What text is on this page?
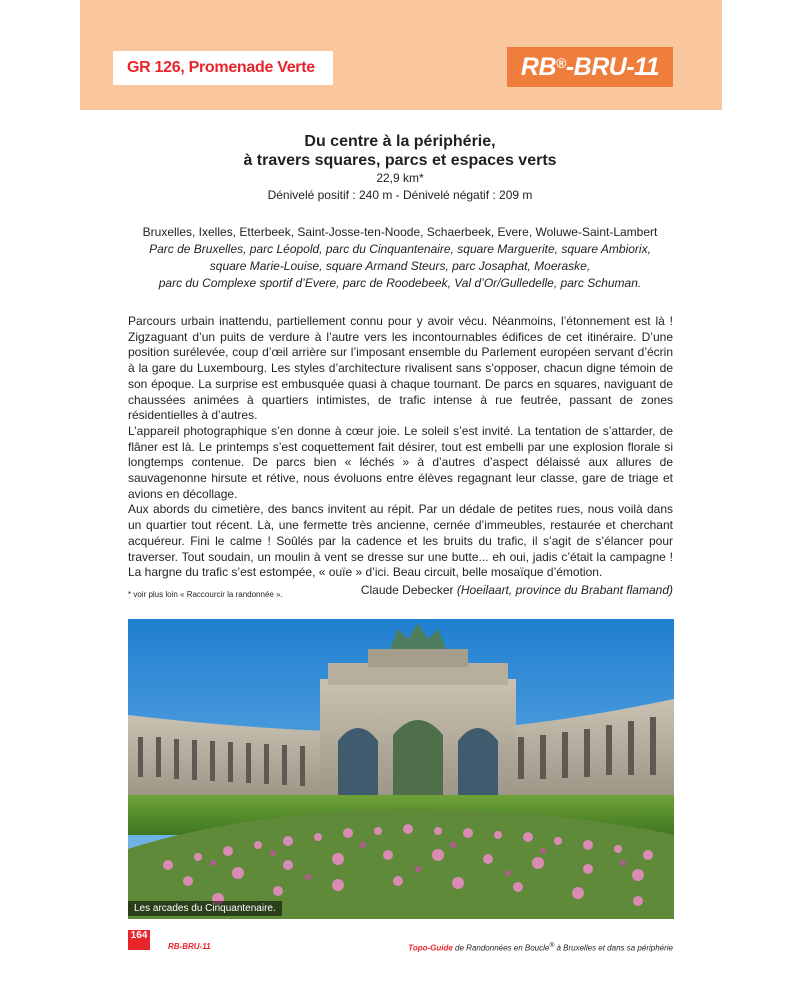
GR 126, Promenade Verte	RB®-BRU-11
Du centre à la périphérie,
à travers squares, parcs et espaces verts
22,9 km*
Dénivelé positif : 240 m - Dénivelé négatif : 209 m
Bruxelles, Ixelles, Etterbeek, Saint-Josse-ten-Noode, Schaerbeek, Evere, Woluwe-Saint-Lambert
Parc de Bruxelles, parc Léopold, parc du Cinquantenaire, square Marguerite, square Ambiorix,
square Marie-Louise, square Armand Steurs, parc Josaphat, Moeraske,
parc du Complexe sportif d’Evere, parc de Roodebeek, Val d’Or/Gulledelle, parc Schuman.

Parcours urbain inattendu, partiellement connu pour y avoir vécu. Néanmoins, l’étonnement est là ! Zigzaguant d’un puits de verdure à l’autre vers les incontournables édifices de cet itinéraire. D’une position surélevée, coup d’œil arrière sur l’imposant ensemble du Parlement européen servant d’écrin à la gare du Luxembourg. Les styles d’architecture rivalisent sans s’opposer, chacun digne témoin de son époque. La surprise est embusquée quasi à chaque tournant. De parcs en squares, naviguant de chaussées animées à quartiers intimistes, de trafic intense à rue feutrée, passant de zones résidentielles à d’autres.

L’appareil photographique s’en donne à cœur joie. Le soleil s’est invité. La tentation de s’attarder, de flâner est là. Le printemps s’est coquettement fait désirer, tout est embelli par une explosion florale si longtemps contenue. De parcs bien « léchés » à d’autres d’aspect délaissé aux allures de sauvagenonne hirsute et rétive, nous évoluons entre élèves regagnant leur classe, gare de triage et avions en décollage.

Aux abords du cimetière, des bancs invitent au répit. Par un dédale de petites rues, nous voilà dans un quartier tout récent. Là, une fermette très ancienne, cernée d’immeubles, restaurée et cherchant acquéreur. Fini le calme ! Soûlés par la cadence et les bruits du trafic, il s’agit de s’élancer pour traverser. Tout soudain, un moulin à vent se dresse sur une butte... eh oui, jadis c’était la campagne ! La hargne du trafic s’est estompée, « ouïe » d’ici. Beau circuit, belle mosaïque d’émotion.

Claude Debecker (Hoeilaart, province du Brabant flamand)
* voir plus loin « Raccourcir la randonnée ».
Les arcades du Cinquantenaire.
164
RB-BRU-11	Topo-Guide de Randonnées en Boucle® à Bruxelles et dans sa périphérie
